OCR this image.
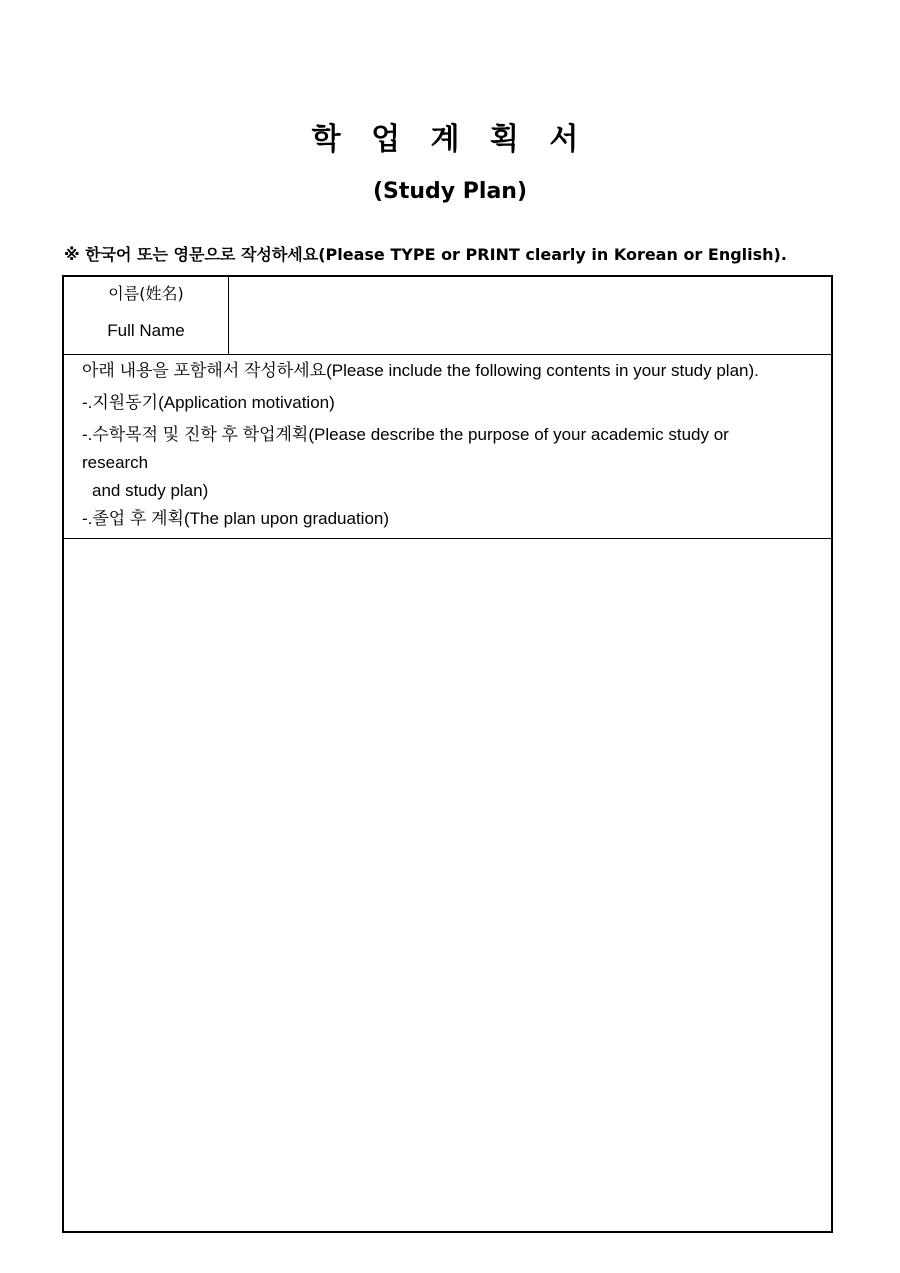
학 업 계 획 서
(Study Plan)
※ 한국어 또는 영문으로 작성하세요(Please TYPE or PRINT clearly in Korean or English).
이름(姓名)
Full Name
아래 내용을 포함해서 작성하세요(Please include the following contents in your study plan).
-.지원동기(Application motivation)
-.수학목적 및 진학 후 학업계획(Please describe the purpose of your academic study or
research
and study plan)
-.졸업 후 계획(The plan upon graduation)
